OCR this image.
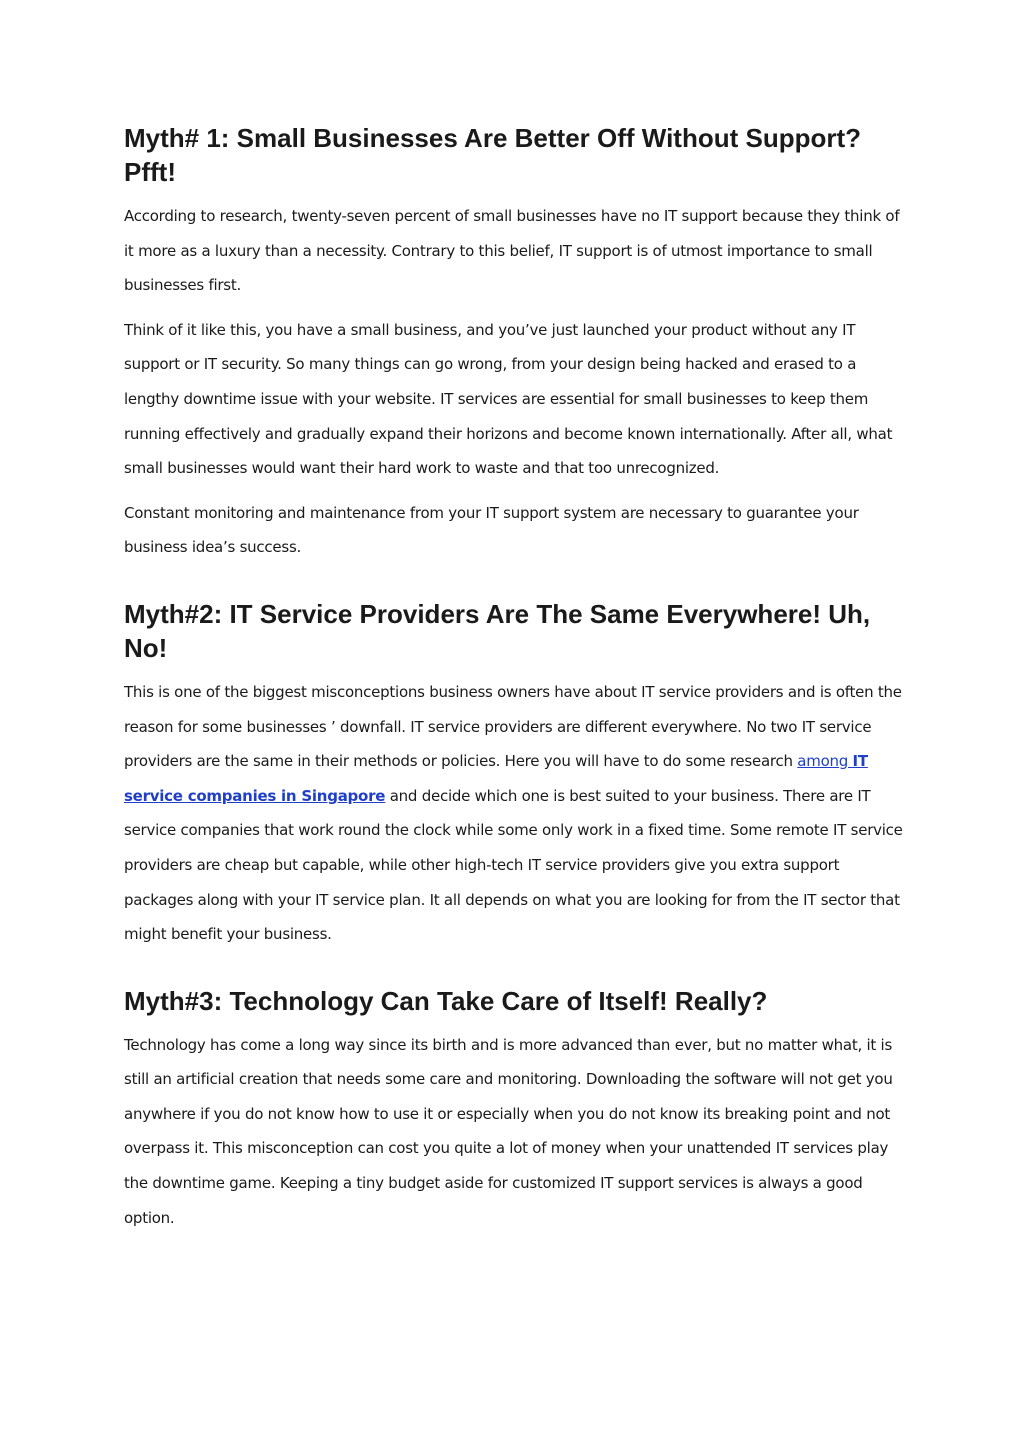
Myth# 1: Small Businesses Are Better Off Without Support? Pfft!

According to research, twenty-seven percent of small businesses have no IT support because they think of it more as a luxury than a necessity. Contrary to this belief, IT support is of utmost importance to small businesses first.

Think of it like this, you have a small business, and you’ve just launched your product without any IT support or IT security. So many things can go wrong, from your design being hacked and erased to a lengthy downtime issue with your website. IT services are essential for small businesses to keep them running effectively and gradually expand their horizons and become known internationally. After all, what small businesses would want their hard work to waste and that too unrecognized.

Constant monitoring and maintenance from your IT support system are necessary to guarantee your business idea’s success.

Myth#2: IT Service Providers Are The Same Everywhere! Uh, No!

This is one of the biggest misconceptions business owners have about IT service providers and is often the reason for some businesses ’ downfall. IT service providers are different everywhere. No two IT service providers are the same in their methods or policies. Here you will have to do some research among IT service companies in Singapore and decide which one is best suited to your business. There are IT service companies that work round the clock while some only work in a fixed time. Some remote IT service providers are cheap but capable, while other high-tech IT service providers give you extra support packages along with your IT service plan. It all depends on what you are looking for from the IT sector that might benefit your business.

Myth#3: Technology Can Take Care of Itself! Really?

Technology has come a long way since its birth and is more advanced than ever, but no matter what, it is still an artificial creation that needs some care and monitoring. Downloading the software will not get you anywhere if you do not know how to use it or especially when you do not know its breaking point and not overpass it. This misconception can cost you quite a lot of money when your unattended IT services play the downtime game. Keeping a tiny budget aside for customized IT support services is always a good option.
